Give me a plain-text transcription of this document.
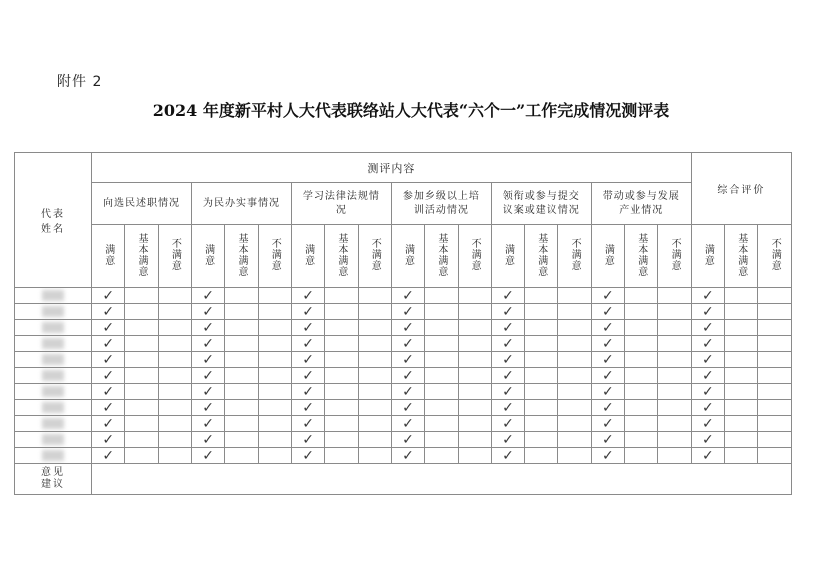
附件 2
2024 年度新平村人大代表联络站人大代表“六个一”工作完成情况测评表
代表
姓名	测评内容																		综合评价		
	向选民述职情况			为民办实事情况			学习法律法规情况			参加乡级以上培训活动情况			领衔或参与提交议案或建议情况			带动或参与发展产业情况					
	满意	基本满意	不满意	满意	基本满意	不满意	满意	基本满意	不满意	满意	基本满意	不满意	满意	基本满意	不满意	满意	基本满意	不满意	满意	基本满意	不满意

	✓			✓			✓			✓			✓			✓			✓		

	✓			✓			✓			✓			✓			✓			✓		

	✓			✓			✓			✓			✓			✓			✓		

	✓			✓			✓			✓			✓			✓			✓		

	✓			✓			✓			✓			✓			✓			✓		

	✓			✓			✓			✓			✓			✓			✓		

	✓			✓			✓			✓			✓			✓			✓		

	✓			✓			✓			✓			✓			✓			✓		

	✓			✓			✓			✓			✓			✓			✓		

	✓			✓			✓			✓			✓			✓			✓		

	✓			✓			✓			✓			✓			✓			✓		

意见
建议																					
